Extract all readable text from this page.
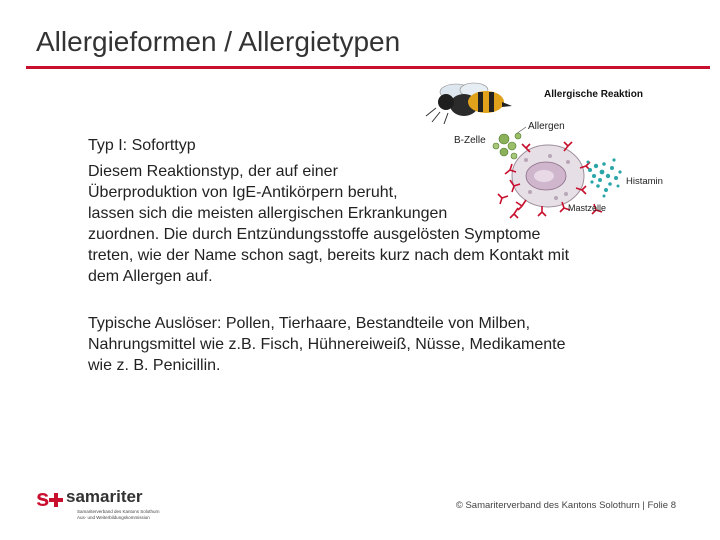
Allergieformen / Allergietypen
Allergische Reaktion
Allergen
B-Zelle
Histamin
Mastzelle
Typ I: Soforttyp
Diesem Reaktionstyp, der auf einer
Überproduktion von IgE-Antikörpern beruht,
lassen sich die meisten allergischen Erkrankungen
zuordnen. Die durch Entzündungsstoffe ausgelösten Symptome
treten, wie der Name schon sagt, bereits kurz nach dem Kontakt mit
dem Allergen auf.
Typische Auslöser: Pollen, Tierhaare, Bestandteile von Milben,
Nahrungsmittel wie z.B. Fisch, Hühnereiweiß, Nüsse, Medikamente
wie z. B. Penicillin.
s samariter
Samariterverband des Kantons Solothurn
Aus- und Weiterbildungskommission
© Samariterverband des Kantons Solothurn | Folie 8
